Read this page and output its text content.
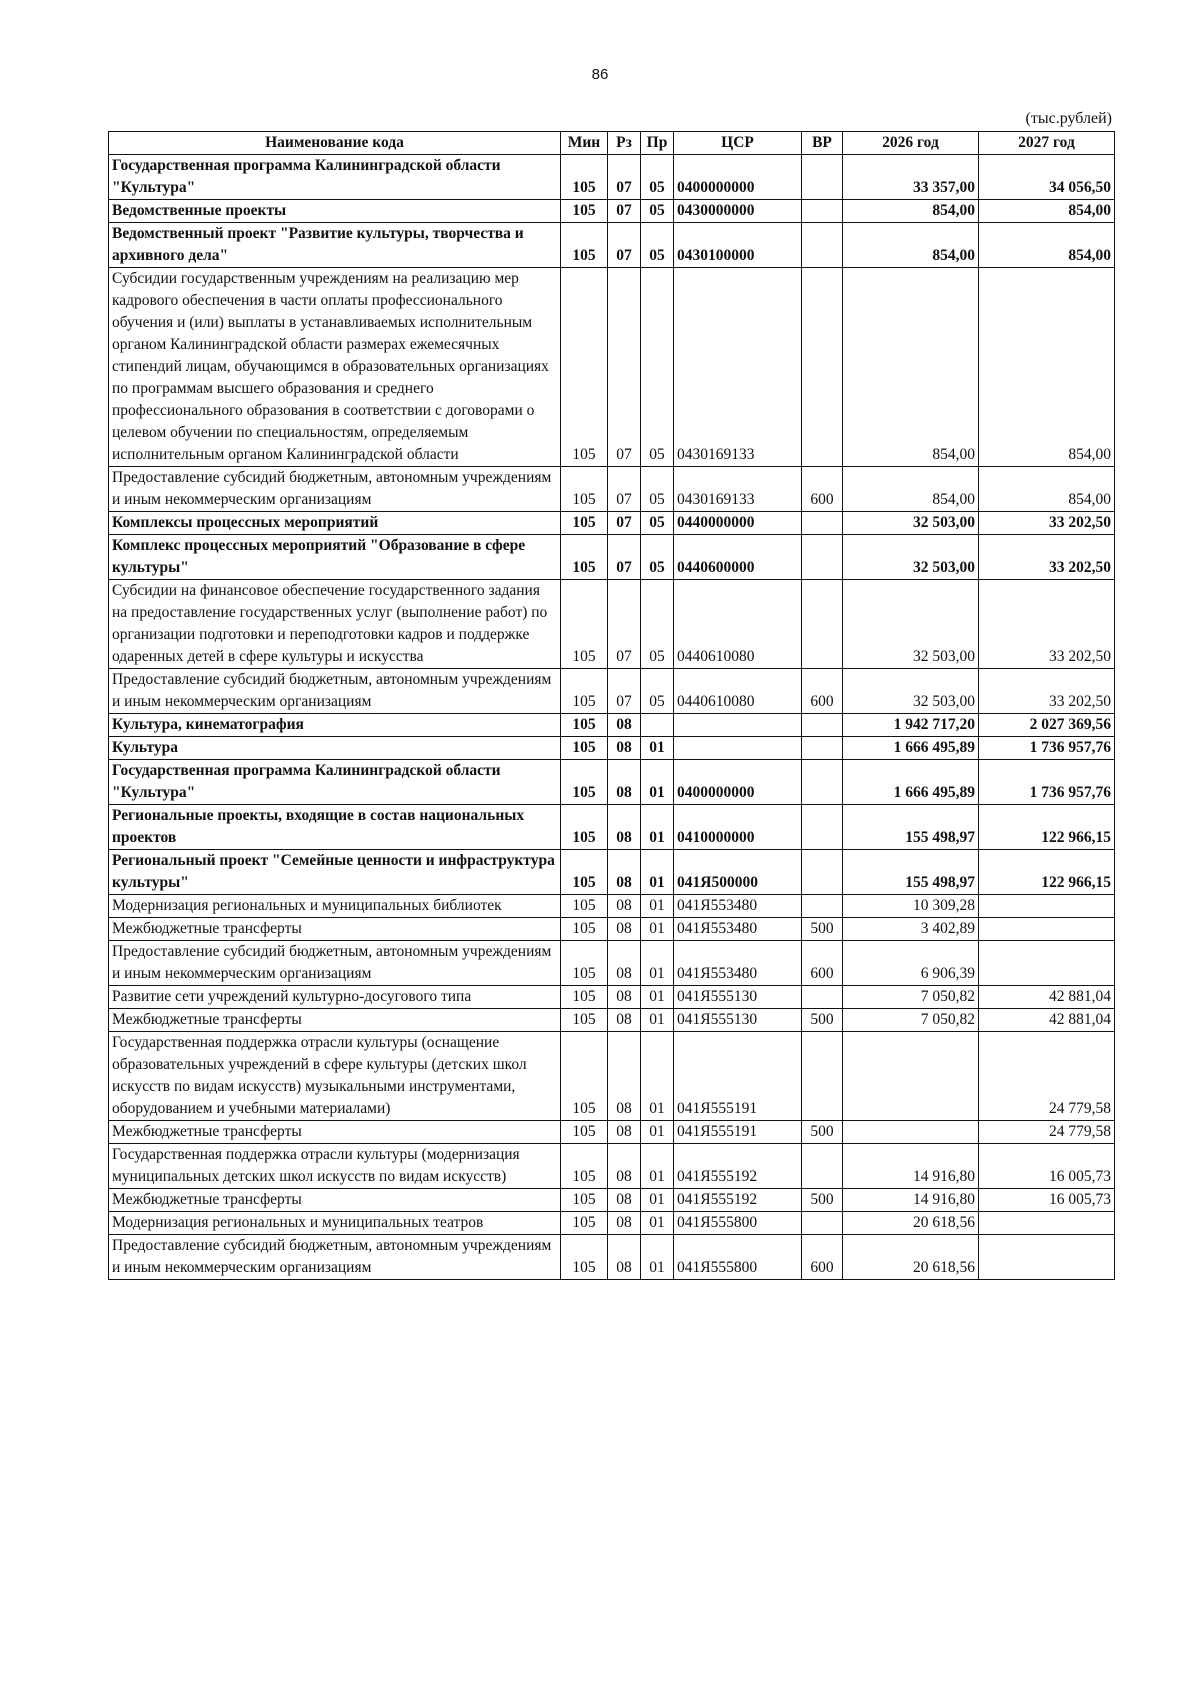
86
(тыс.рублей)
Наименование кода	Мин	Рз	Пр	ЦСР	ВР	2026 год	2027 год
Государственная программа Калининградской области "Культура"	105	07	05	0400000000		33 357,00	34 056,50
Ведомственные проекты	105	07	05	0430000000		854,00	854,00
Ведомственный проект "Развитие культуры, творчества и архивного дела"	105	07	05	0430100000		854,00	854,00
Субсидии государственным учреждениям на реализацию мер кадрового обеспечения в части оплаты профессионального обучения и (или) выплаты в устанавливаемых исполнительным органом Калининградской области размерах ежемесячных стипендий лицам, обучающимся в образовательных организациях по программам высшего образования и среднего профессионального образования в соответствии с договорами о целевом обучении по специальностям, определяемым исполнительным органом Калининградской области	105	07	05	0430169133		854,00	854,00
Предоставление субсидий бюджетным, автономным учреждениям и иным некоммерческим организациям	105	07	05	0430169133	600	854,00	854,00
Комплексы процессных мероприятий	105	07	05	0440000000		32 503,00	33 202,50
Комплекс процессных мероприятий "Образование в сфере культуры"	105	07	05	0440600000		32 503,00	33 202,50
Субсидии на финансовое обеспечение государственного задания на предоставление государственных услуг (выполнение работ) по организации подготовки и переподготовки кадров и поддержке одаренных детей в сфере культуры и искусства	105	07	05	0440610080		32 503,00	33 202,50
Предоставление субсидий бюджетным, автономным учреждениям и иным некоммерческим организациям	105	07	05	0440610080	600	32 503,00	33 202,50
Культура, кинематография	105	08				1 942 717,20	2 027 369,56
Культура	105	08	01			1 666 495,89	1 736 957,76
Государственная программа Калининградской области "Культура"	105	08	01	0400000000		1 666 495,89	1 736 957,76
Региональные проекты, входящие в состав национальных проектов	105	08	01	0410000000		155 498,97	122 966,15
Региональный проект "Семейные ценности и инфраструктура культуры"	105	08	01	041Я500000		155 498,97	122 966,15
Модернизация региональных и муниципальных библиотек	105	08	01	041Я553480		10 309,28	
Межбюджетные трансферты	105	08	01	041Я553480	500	3 402,89	
Предоставление субсидий бюджетным, автономным учреждениям и иным некоммерческим организациям	105	08	01	041Я553480	600	6 906,39	
Развитие сети учреждений культурно-досугового типа	105	08	01	041Я555130		7 050,82	42 881,04
Межбюджетные трансферты	105	08	01	041Я555130	500	7 050,82	42 881,04
Государственная поддержка отрасли культуры (оснащение образовательных учреждений в сфере культуры (детских школ искусств по видам искусств) музыкальными инструментами, оборудованием и учебными материалами)	105	08	01	041Я555191			24 779,58
Межбюджетные трансферты	105	08	01	041Я555191	500		24 779,58
Государственная поддержка отрасли культуры (модернизация муниципальных детских школ искусств по видам искусств)	105	08	01	041Я555192		14 916,80	16 005,73
Межбюджетные трансферты	105	08	01	041Я555192	500	14 916,80	16 005,73
Модернизация региональных и муниципальных театров	105	08	01	041Я555800		20 618,56	
Предоставление субсидий бюджетным, автономным учреждениям и иным некоммерческим организациям	105	08	01	041Я555800	600	20 618,56	
